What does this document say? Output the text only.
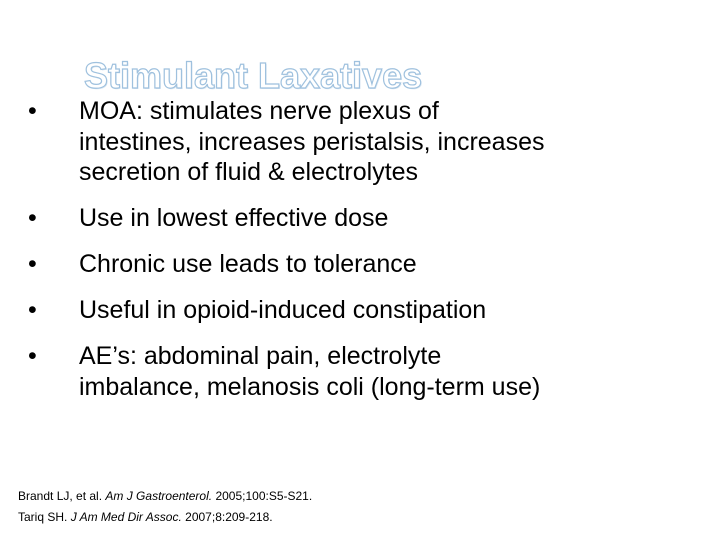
Stimulant Laxatives
•	MOA: stimulates nerve plexus of
intestines, increases peristalsis, increases
secretion of fluid & electrolytes
•	Use in lowest effective dose
•	Chronic use leads to tolerance
•	Useful in opioid-induced constipation
•	AE’s: abdominal pain, electrolyte
imbalance, melanosis coli (long-term use)
Brandt LJ, et al. Am J Gastroenterol. 2005;100:S5-S21.
Tariq SH. J Am Med Dir Assoc. 2007;8:209-218.
